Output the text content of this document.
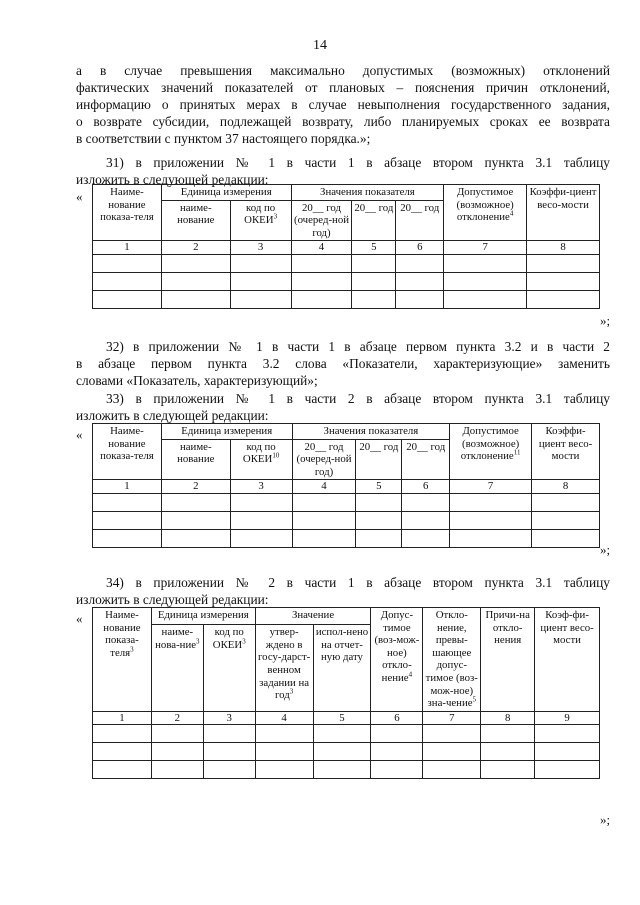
14
а в случае превышения максимально допустимых (возможных) отклонений
фактических значений показателей от плановых – пояснения причин отклонений,
информацию о принятых мерах в случае невыполнения государственного задания,
о возврате субсидии, подлежащей возврату, либо планируемых сроках ее возврата
в соответствии с пунктом 37 настоящего порядка.»;
31) в приложении № 1 в части 1 в абзаце втором пункта 3.1 таблицу
изложить в следующей редакции:
«	Наиме-нование показа-теля	Единица измерения		Значения показателя			Допустимое (возможное) отклонение$^4$	Коэффи-циент весо-мости
	наиме-нование	код по ОКЕИ$^3$	20__ год (очеред-ной год)	20__ год	20__ год		
1	2	3	4	5	6	7	8

»;
32) в приложении № 1 в части 1 в абзаце первом пункта 3.2 и в части 2
в абзаце первом пункта 3.2 слова «Показатели, характеризующие» заменить
словами «Показатель, характеризующий»;
33) в приложении № 1 в части 2 в абзаце втором пункта 3.1 таблицу
изложить в следующей редакции:
«	Наиме-нование показа-теля	Единица измерения		Значения показателя			Допустимое (возможное) отклонение$^{11}$	Коэффи-циент весо-мости
	наиме-нование	код по ОКЕИ$^{10}$	20__ год (очеред-ной год)	20__ год	20__ год		
1	2	3	4	5	6	7	8

»;
34) в приложении № 2 в части 1 в абзаце втором пункта 3.1 таблицу
изложить в следующей редакции:
« Наиме-нование показа-теля$^3$	Единица измерения		Значение		Допус-тимое (воз-мож-ное) откло-нение$^4$	Откло-нение, превы-шающее допус-тимое (воз-мож-ное) зна-чение$^5$	Причи-на откло-нения	Коэф-фи-циент весо-мости
	наиме-нова-ние$^3$	код по ОКЕИ$^3$	утвер-ждено в госу-дарст-венном задании на год$^3$	испол-нено на отчет-ную дату				
1	2	3	4	5	6	7	8	9

»;
